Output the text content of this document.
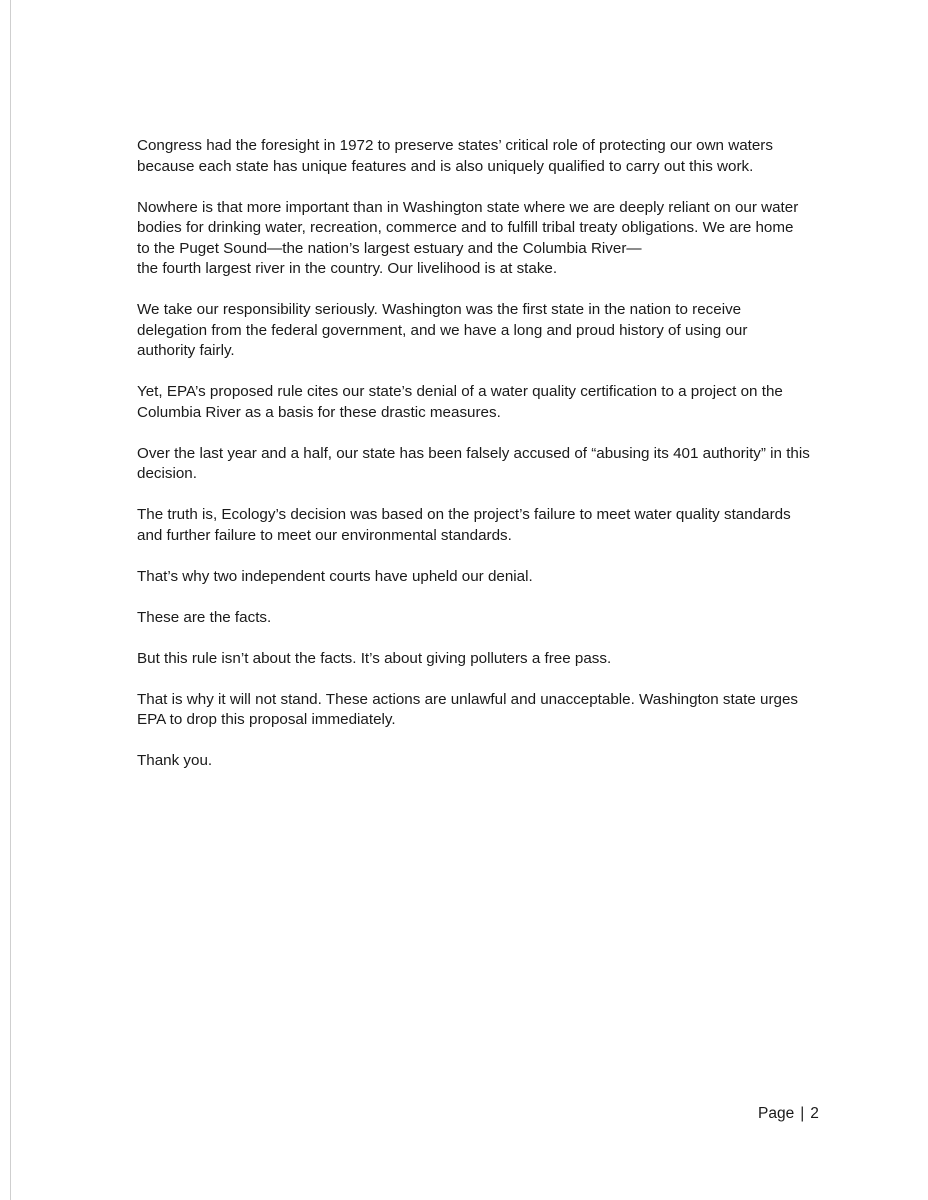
Congress had the foresight in 1972 to preserve states’ critical role of protecting our own waters
because each state has unique features and is also uniquely qualified to carry out this work.

Nowhere is that more important than in Washington state where we are deeply reliant on our water
bodies for drinking water, recreation, commerce and to fulfill tribal treaty obligations. We are home
to the Puget Sound—the nation’s largest estuary and the Columbia River—
the fourth largest river in the country. Our livelihood is at stake.

We take our responsibility seriously. Washington was the first state in the nation to receive
delegation from the federal government, and we have a long and proud history of using our
authority fairly.

Yet, EPA’s proposed rule cites our state’s denial of a water quality certification to a project on the
Columbia River as a basis for these drastic measures.

Over the last year and a half, our state has been falsely accused of “abusing its 401 authority” in this
decision.

The truth is, Ecology’s decision was based on the project’s failure to meet water quality standards
and further failure to meet our environmental standards.

That’s why two independent courts have upheld our denial.

These are the facts.

But this rule isn’t about the facts. It’s about giving polluters a free pass.

That is why it will not stand. These actions are unlawful and unacceptable. Washington state urges
EPA to drop this proposal immediately.

Thank you.

Page | 2
